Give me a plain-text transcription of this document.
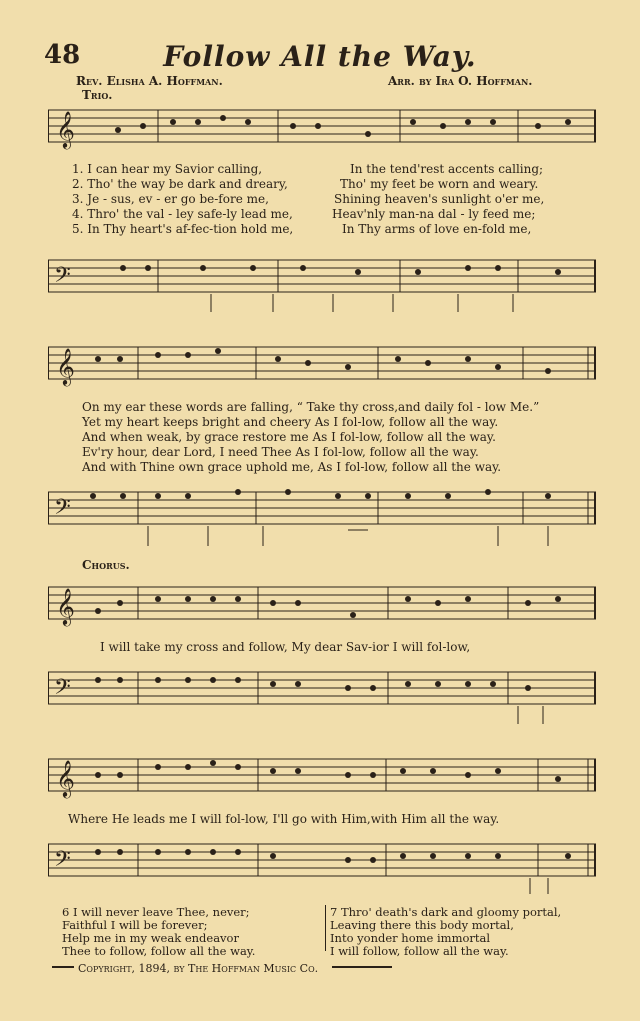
48	Follow All the Way.
Rev. Elisha A. Hoffman.	Arr. by Ira O. Hoffman.
Trio.
𝄞
1. I can hear my Savior calling,	In the tend'rest accents calling;
2. Tho' the way be dark and dreary,	Tho' my feet be worn and weary.
3. Je - sus, ev - er go be-fore me,	Shining heaven's sunlight o'er me,
4. Thro' the val - ley safe-ly lead me,	Heav'nly man-na dal - ly feed me;
5. In Thy heart's af-fec-tion hold me,	In Thy arms of love en-fold me,
𝄢
𝄞
On my ear these words are falling, “ Take thy cross,and daily fol - low Me.”
Yet my heart keeps bright and cheery As I fol-low, follow all the way.
And when weak, by grace restore me As I fol-low, follow all the way.
Ev'ry hour, dear Lord, I need Thee As I fol-low, follow all the way.
And with Thine own grace uphold me, As I fol-low, follow all the way.
𝄢
Chorus.
𝄞
I will take my cross and follow, My dear Sav-ior I will fol-low,
𝄢
𝄞
Where He leads me I will fol-low, I'll go with Him,with Him all the way.
𝄢
6 I will never leave Thee, never;
Faithful I will be forever;
Help me in my weak endeavor
Thee to follow, follow all the way.
7 Thro' death's dark and gloomy portal,
Leaving there this body mortal,
Into yonder home immortal
I will follow, follow all the way.
Copyright, 1894, by The Hoffman Music Co.
